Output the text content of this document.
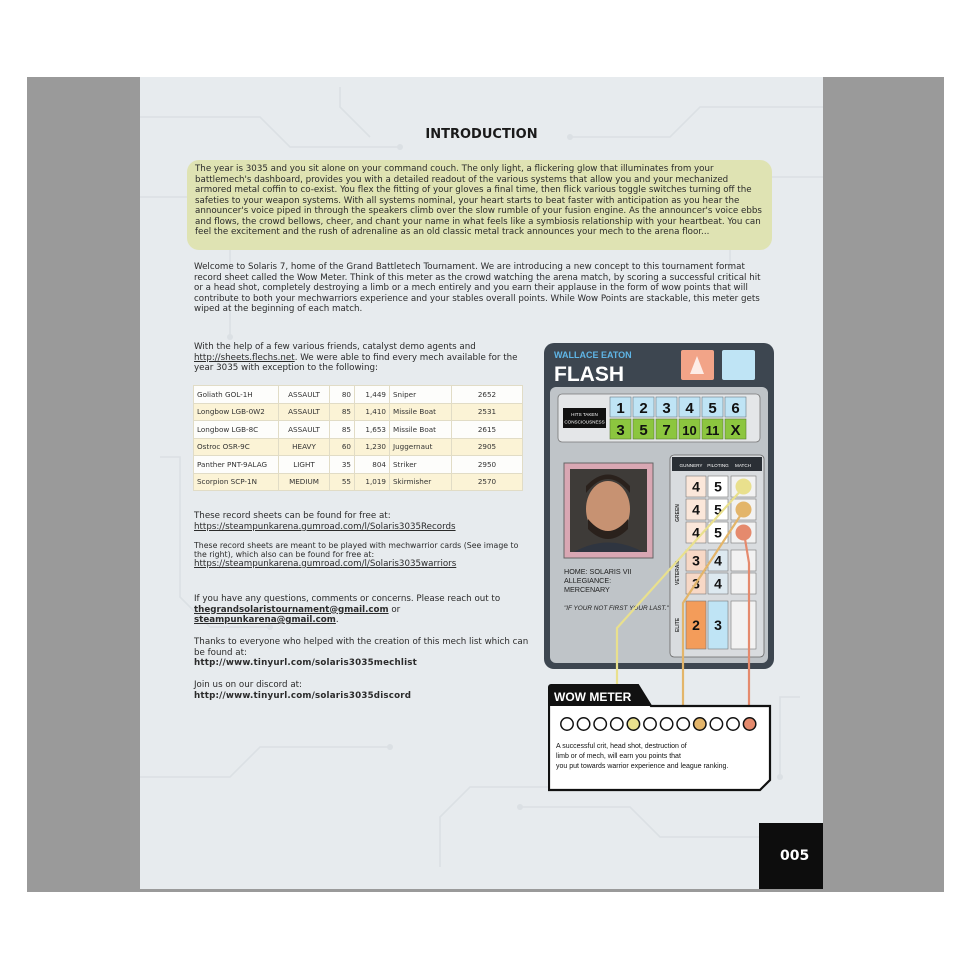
INTRODUCTION
The year is 3035 and you sit alone on your command couch. The only light, a flickering glow that illuminates from your battlemech's dashboard, provides you with a detailed readout of the various systems that allow you and your mechanized armored metal coffin to co-exist. You flex the fitting of your gloves a final time, then flick various toggle switches turning off the safeties to your weapon systems. With all systems nominal, your heart starts to beat faster with anticipation as you hear the announcer's voice piped in through the speakers climb over the slow rumble of your fusion engine. As the announcer's voice ebbs and flows, the crowd bellows, cheer, and chant your name in what feels like a symbiosis relationship with your heartbeat. You can feel the excitement and the rush of adrenaline as an old classic metal track announces your mech to the arena floor...
Welcome to Solaris 7, home of the Grand Battletech Tournament. We are introducing a new concept to this tournament format record sheet called the Wow Meter. Think of this meter as the crowd watching the arena match, by scoring a successful critical hit or a head shot, completely destroying a limb or a mech entirely and you earn their applause in the form of wow points that will contribute to both your mechwarriors experience and your stables overall points. While Wow Points are stackable, this meter gets wiped at the beginning of each match.
With the help of a few various friends, catalyst demo agents and http://sheets.flechs.net. We were able to find every mech available for the year 3035 with exception to the following:
Goliath GOL-1H	ASSAULT	80	1,449	Sniper	2652
Longbow LGB-0W2	ASSAULT	85	1,410	Missile Boat	2531
Longbow LGB-8C	ASSAULT	85	1,653	Missile Boat	2615
Ostroc OSR-9C	HEAVY	60	1,230	Juggernaut	2905
Panther PNT-9ALAG	LIGHT	35	804	Striker	2950
Scorpion SCP-1N	MEDIUM	55	1,019	Skirmisher	2570
These record sheets can be found for free at:
https://steampunkarena.gumroad.com/l/Solaris3035Records
These record sheets are meant to be played with mechwarrior cards (See image to the right), which also can be found for free at:
https://steampunkarena.gumroad.com/l/Solaris3035warriors
If you have any questions, comments or concerns. Please reach out to thegrandsolaristournament@gmail.com or steampunkarena@gmail.com.
Thanks to everyone who helped with the creation of this mech list which can be found at:
http://www.tinyurl.com/solaris3035mechlist
Join us on our discord at:
http://www.tinyurl.com/solaris3035discord
WALLACE EATON
FLASH
HITS TAKEN
CONSCIOUSNESS
1 2 3 4 5 6
3 5 7 10 11 X
HOME: SOLARIS VII
ALLEGIANCE:
MERCENARY
"IF YOUR NOT FIRST YOUR LAST."
GUNNERY PILOTING MATCH
4 5
4 5
4 5
3 4
3 4
2 3
GREEN
VETERAN
ELITE
WOW METER
A successful crit, head shot, destruction of limb or of mech, will earn you points that you put towards warrior experience and league ranking.
005
